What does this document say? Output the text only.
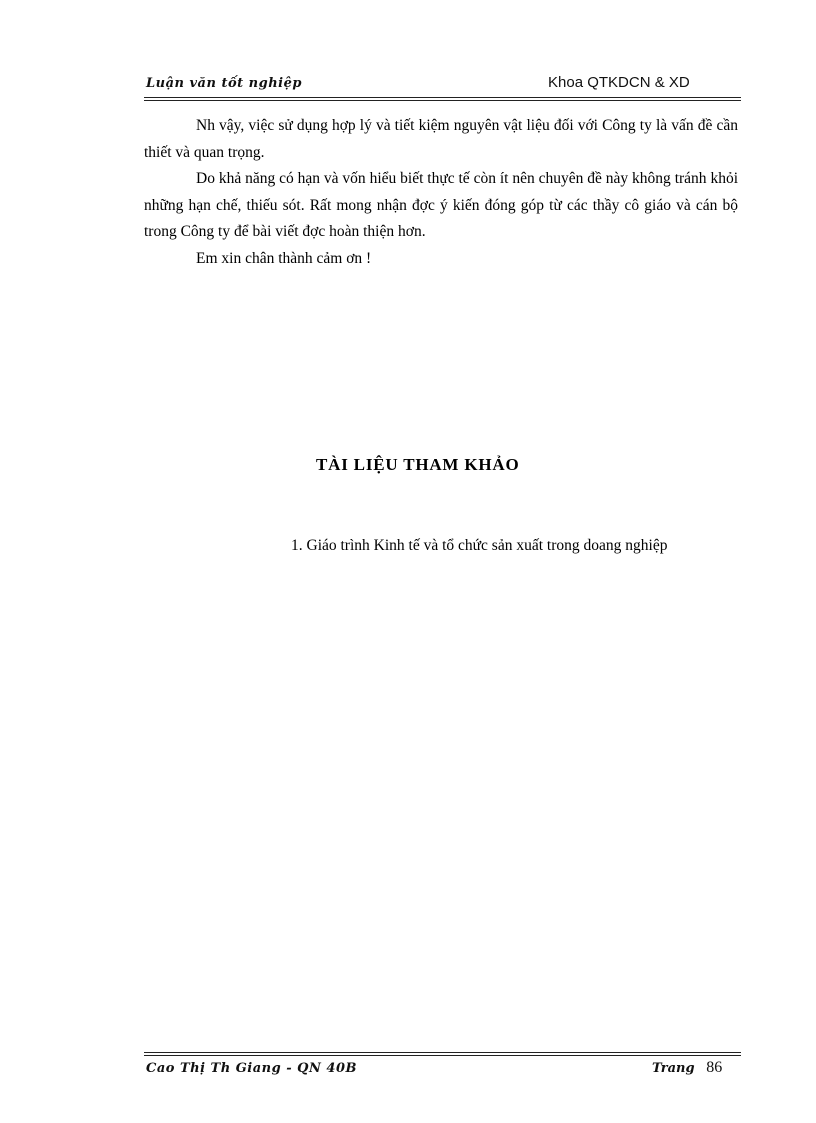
Luận văn tốt nghiệp	Khoa QTKDCN & XD

Nh vậy, việc sử dụng hợp lý và tiết kiệm nguyên vật liệu đối với Công ty là vấn đề cần thiết và quan trọng.

Do khả năng có hạn và vốn hiểu biết thực tế còn ít nên chuyên đề này không tránh khỏi những hạn chế, thiếu sót. Rất mong nhận đợc ý kiến đóng góp từ các thầy cô giáo và cán bộ trong Công ty để bài viết đợc hoàn thiện hơn.

Em xin chân thành cảm ơn !

TÀI LIỆU THAM KHẢO

1. Giáo trình Kinh tế và tổ chức sản xuất trong doang nghiệp

Cao Thị Th Giang - QN 40B	Trang 86
